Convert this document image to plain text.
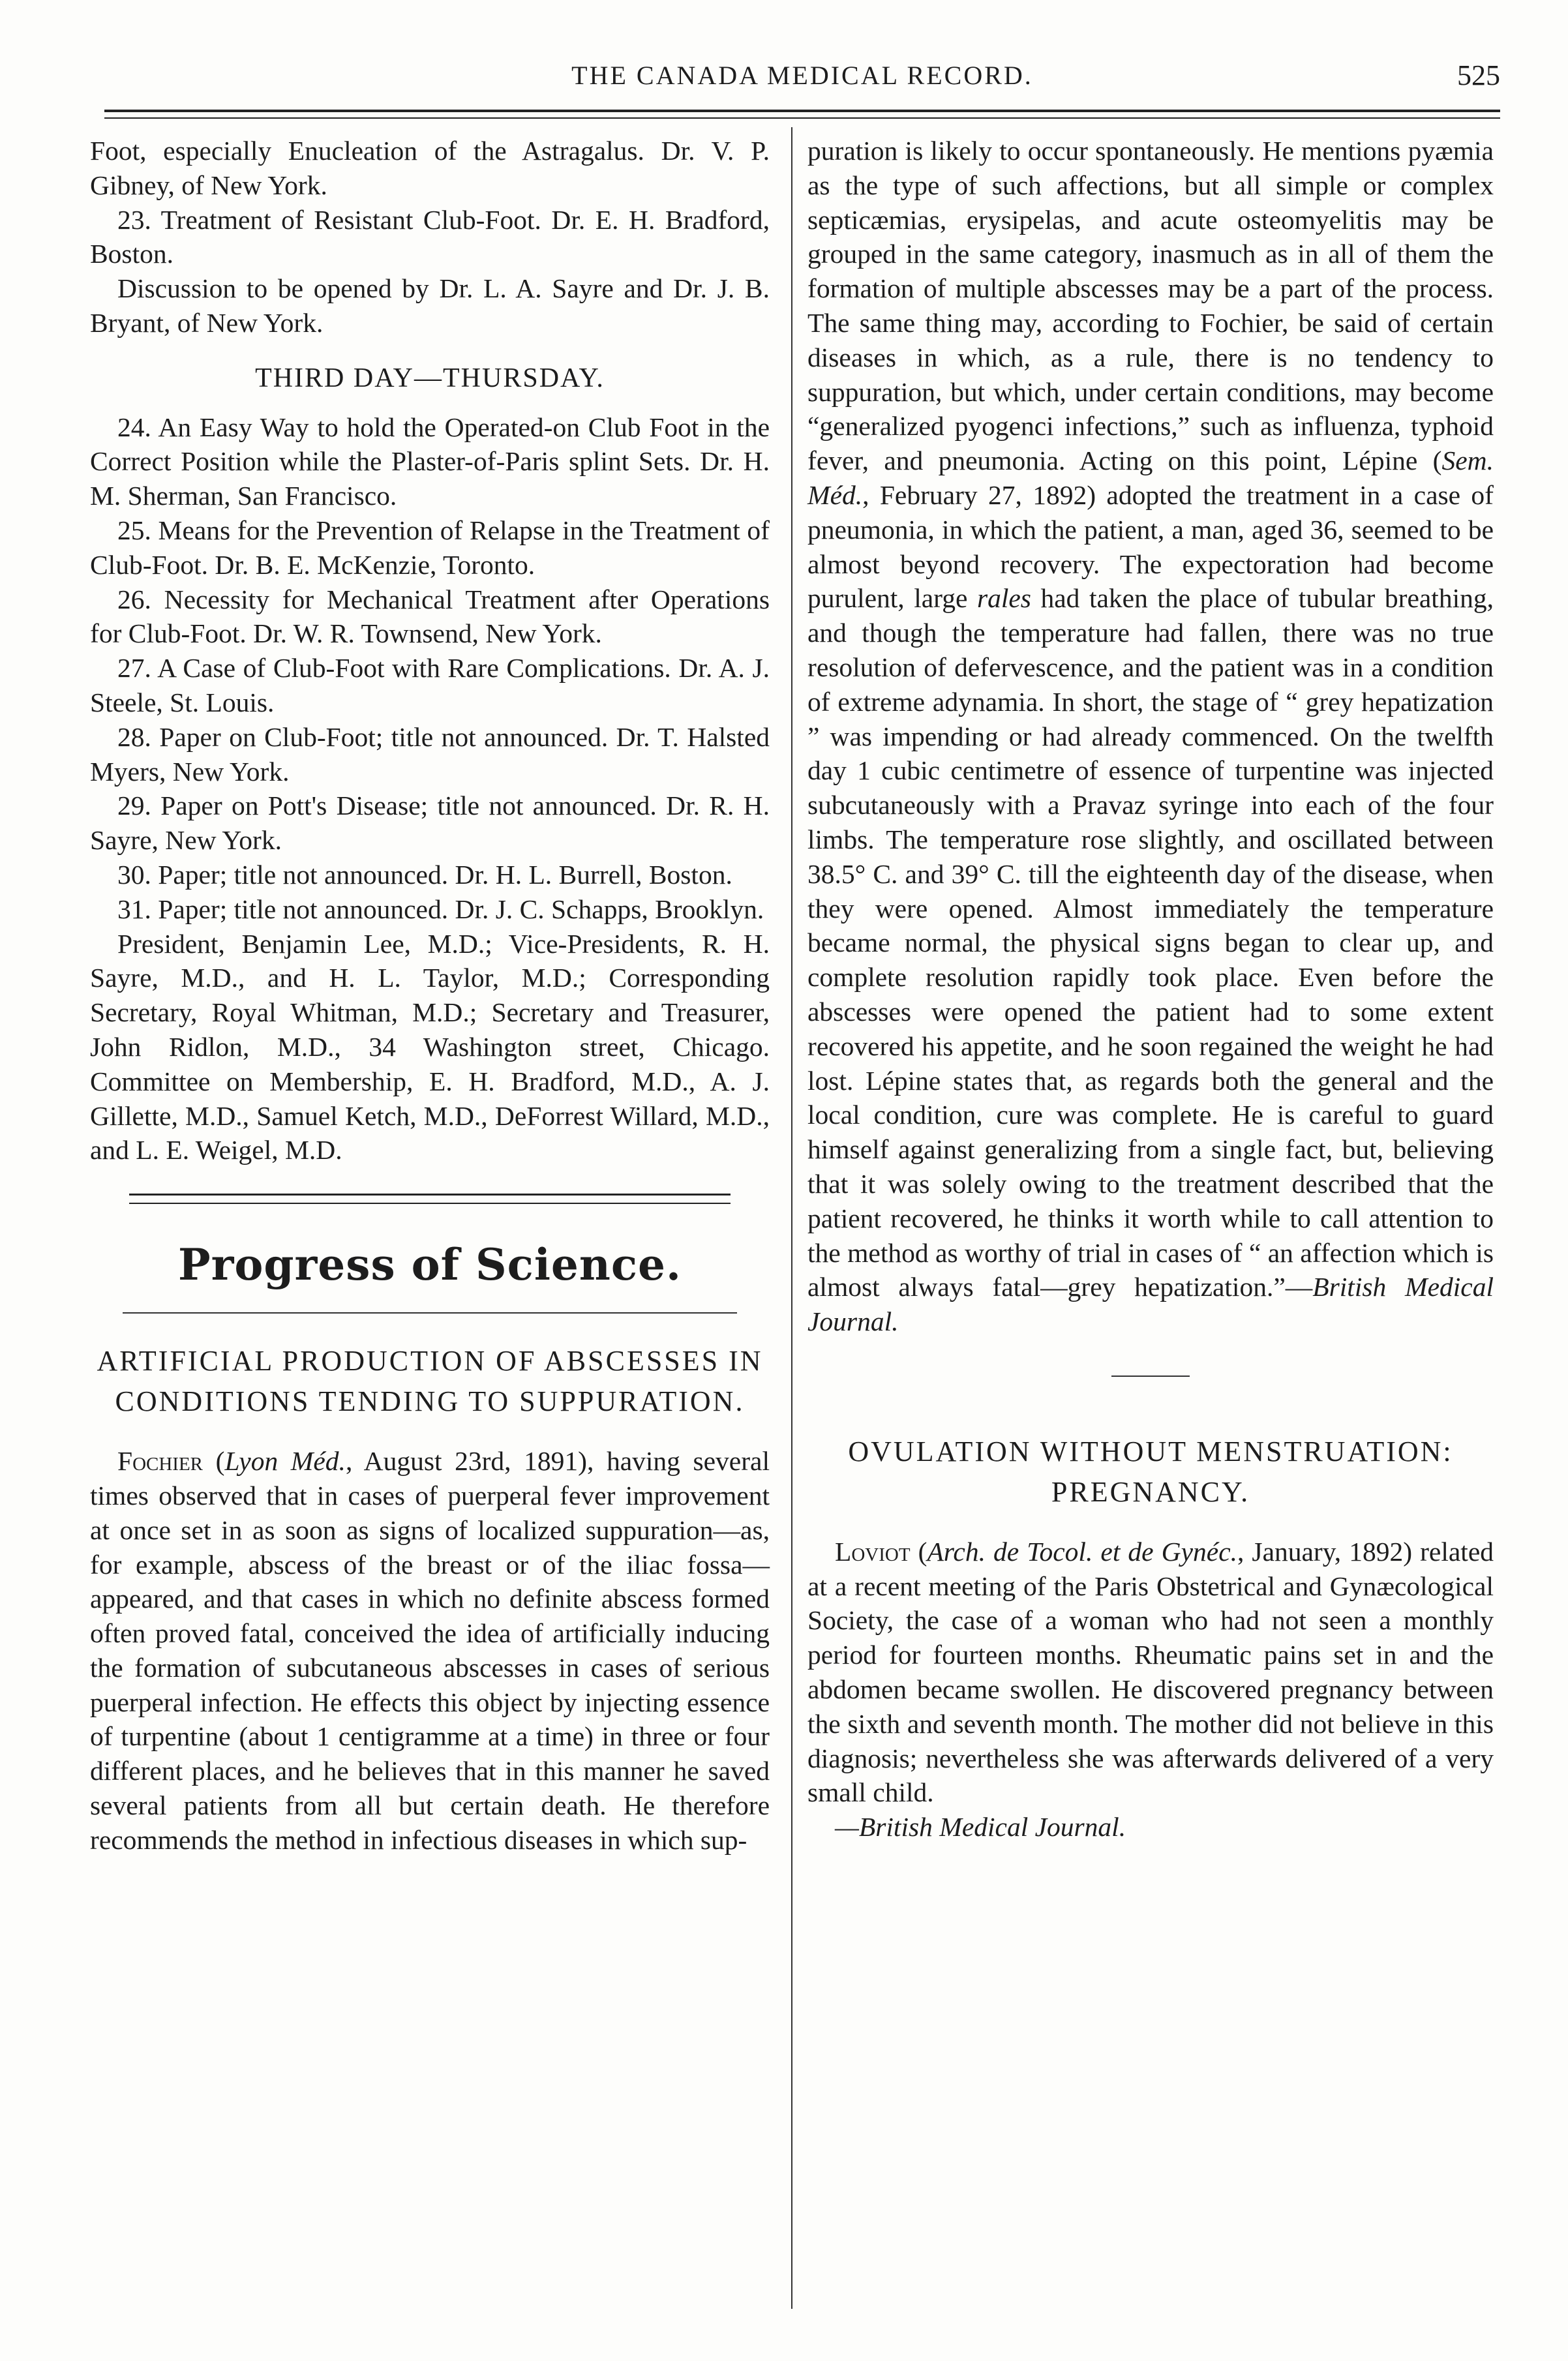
THE CANADA MEDICAL RECORD.	525

Foot, especially Enucleation of the Astragalus. Dr. V. P. Gibney, of New York.

23. Treatment of Resistant Club-Foot. Dr. E. H. Bradford, Boston.

Discussion to be opened by Dr. L. A. Sayre and Dr. J. B. Bryant, of New York.

THIRD DAY—THURSDAY.

24. An Easy Way to hold the Operated-on Club Foot in the Correct Position while the Plaster-of-Paris splint Sets. Dr. H. M. Sherman, San Francisco.

25. Means for the Prevention of Relapse in the Treatment of Club-Foot. Dr. B. E. McKenzie, Toronto.

26. Necessity for Mechanical Treatment after Operations for Club-Foot. Dr. W. R. Townsend, New York.

27. A Case of Club-Foot with Rare Complications. Dr. A. J. Steele, St. Louis.

28. Paper on Club-Foot; title not announced. Dr. T. Halsted Myers, New York.

29. Paper on Pott's Disease; title not announced. Dr. R. H. Sayre, New York.

30. Paper; title not announced. Dr. H. L. Burrell, Boston.

31. Paper; title not announced. Dr. J. C. Schapps, Brooklyn.

President, Benjamin Lee, M.D.; Vice-Presidents, R. H. Sayre, M.D., and H. L. Taylor, M.D.; Corresponding Secretary, Royal Whitman, M.D.; Secretary and Treasurer, John Ridlon, M.D., 34 Washington street, Chicago. Committee on Membership, E. H. Bradford, M.D., A. J. Gillette, M.D., Samuel Ketch, M.D., DeForrest Willard, M.D., and L. E. Weigel, M.D.

Progress of Science.
ARTIFICIAL PRODUCTION OF ABSCESSES IN CONDITIONS TENDING TO SUPPURATION.

Fochier (Lyon Méd., August 23rd, 1891), having several times observed that in cases of puerperal fever improvement at once set in as soon as signs of localized suppuration—as, for example, abscess of the breast or of the iliac fossa—appeared, and that cases in which no definite abscess formed often proved fatal, conceived the idea of artificially inducing the formation of subcutaneous abscesses in cases of serious puerperal infection. He effects this object by injecting essence of turpentine (about 1 centigramme at a time) in three or four different places, and he believes that in this manner he saved several patients from all but certain death. He therefore recommends the method in infectious diseases in which sup-

puration is likely to occur spontaneously. He mentions pyæmia as the type of such affections, but all simple or complex septicæmias, erysipelas, and acute osteomyelitis may be grouped in the same category, inasmuch as in all of them the formation of multiple abscesses may be a part of the process. The same thing may, according to Fochier, be said of certain diseases in which, as a rule, there is no tendency to suppuration, but which, under certain conditions, may become “generalized pyogenci infections,” such as influenza, typhoid fever, and pneumonia. Acting on this point, Lépine (Sem. Méd., February 27, 1892) adopted the treatment in a case of pneumonia, in which the patient, a man, aged 36, seemed to be almost beyond recovery. The expectoration had become purulent, large rales had taken the place of tubular breathing, and though the temperature had fallen, there was no true resolution of defervescence, and the patient was in a condition of extreme adynamia. In short, the stage of “ grey hepatization ” was impending or had already commenced. On the twelfth day 1 cubic centimetre of essence of turpentine was injected subcutaneously with a Pravaz syringe into each of the four limbs. The temperature rose slightly, and oscillated between 38.5° C. and 39° C. till the eighteenth day of the disease, when they were opened. Almost immediately the temperature became normal, the physical signs began to clear up, and complete resolution rapidly took place. Even before the abscesses were opened the patient had to some extent recovered his appetite, and he soon regained the weight he had lost. Lépine states that, as regards both the general and the local condition, cure was complete. He is careful to guard himself against generalizing from a single fact, but, believing that it was solely owing to the treatment described that the patient recovered, he thinks it worth while to call attention to the method as worthy of trial in cases of “ an affection which is almost always fatal—grey hepatization.”—British Medical Journal.

OVULATION WITHOUT MENSTRUATION: PREGNANCY.

Loviot (Arch. de Tocol. et de Gynéc., January, 1892) related at a recent meeting of the Paris Obstetrical and Gynæcological Society, the case of a woman who had not seen a monthly period for fourteen months. Rheumatic pains set in and the abdomen became swollen. He discovered pregnancy between the sixth and seventh month. The mother did not believe in this diagnosis; nevertheless she was afterwards delivered of a very small child.

—British Medical Journal.
